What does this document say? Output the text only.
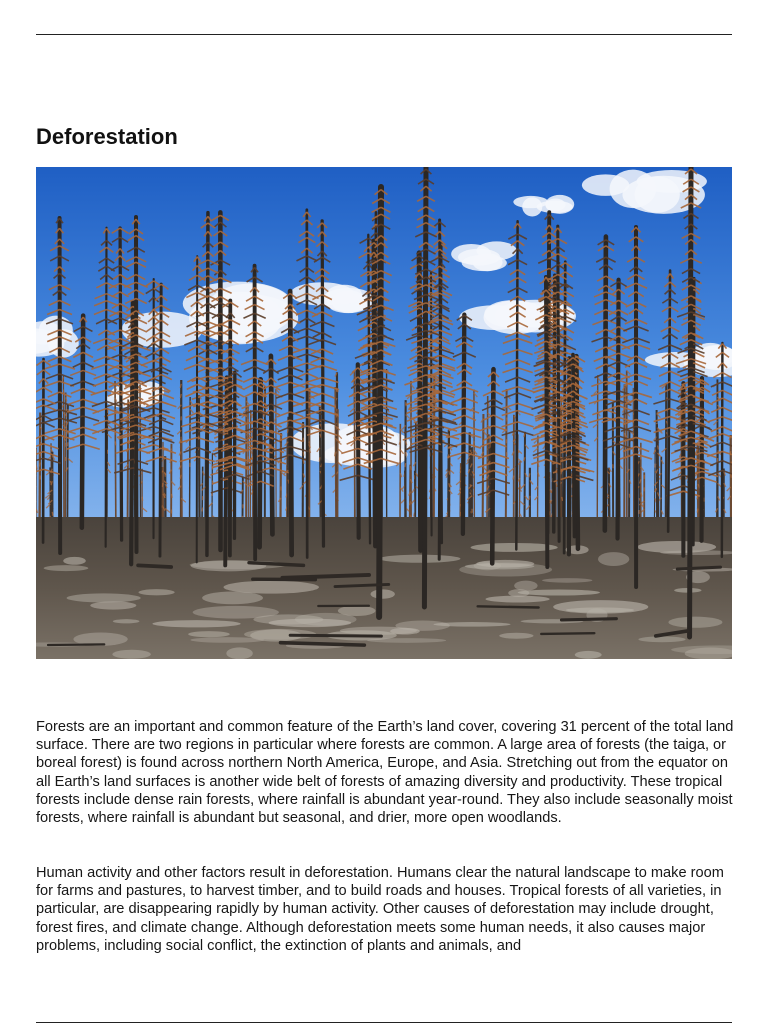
Deforestation

Forests are an important and common feature of the Earth’s land cover, covering 31 percent of the total land surface. There are two regions in particular where forests are common. A large area of forests (the taiga, or boreal forest) is found across northern North America, Europe, and Asia. Stretching out from the equator on all Earth’s land surfaces is another wide belt of forests of amazing diversity and productivity. These tropical forests include dense rain forests, where rainfall is abundant year-round. They also include seasonally moist forests, where rainfall is abundant but seasonal, and drier, more open woodlands.

Human activity and other factors result in deforestation. Humans clear the natural landscape to make room for farms and pastures, to harvest timber, and to build roads and houses. Tropical forests of all varieties, in particular, are disappearing rapidly by human activity. Other causes of deforestation may include drought, forest fires, and climate change. Although deforestation meets some human needs, it also causes major problems, including social conflict, the extinction of plants and animals, and
